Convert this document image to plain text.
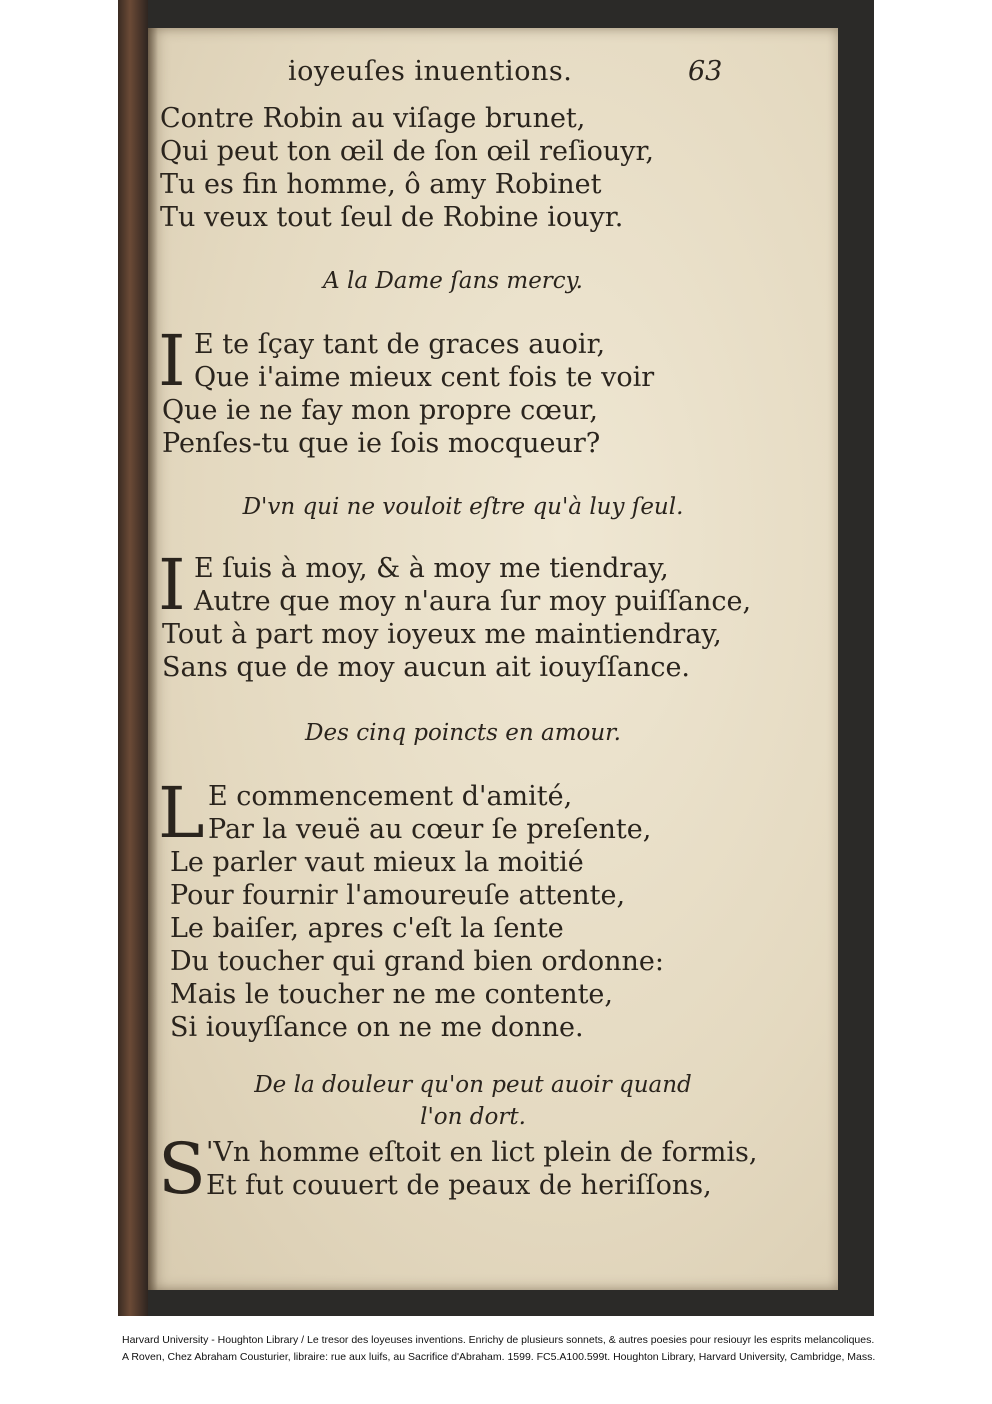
ioyeuſes inuentions.	63
Contre Robin au viſage brunet,
Qui peut ton œil de ſon œil reſiouyr,
Tu es fin homme, ô amy Robinet
Tu veux tout ſeul de Robine iouyr.
A la Dame ſans mercy.
I E te ſçay tant de graces auoir,
Que i'aime mieux cent fois te voir
Que ie ne fay mon propre cœur,
Penſes-tu que ie ſois mocqueur?
D'vn qui ne vouloit eſtre qu'à luy ſeul.
I E ſuis à moy, & à moy me tiendray,
Autre que moy n'aura ſur moy puiſſance,
Tout à part moy ioyeux me maintiendray,
Sans que de moy aucun ait iouyſſance.
Des cinq poincts en amour.
L E commencement d'amité,
Par la veuë au cœur ſe preſente,
Le parler vaut mieux la moitié
Pour fournir l'amoureuſe attente,
Le baiſer, apres c'eſt la ſente
Du toucher qui grand bien ordonne:
Mais le toucher ne me contente,
Si iouyſſance on ne me donne.
De la douleur qu'on peut auoir quand
l'on dort.
S 'Vn homme eſtoit en lict plein de formis,
Et fut couuert de peaux de heriſſons,

Harvard University - Houghton Library / Le tresor des loyeuses inventions. Enrichy de plusieurs sonnets, & autres poesies pour resiouyr les esprits melancoliques.

A Roven, Chez Abraham Cousturier, libraire: rue aux luifs, au Sacrifice d'Abraham. 1599. FC5.A100.599t. Houghton Library, Harvard University, Cambridge, Mass.
